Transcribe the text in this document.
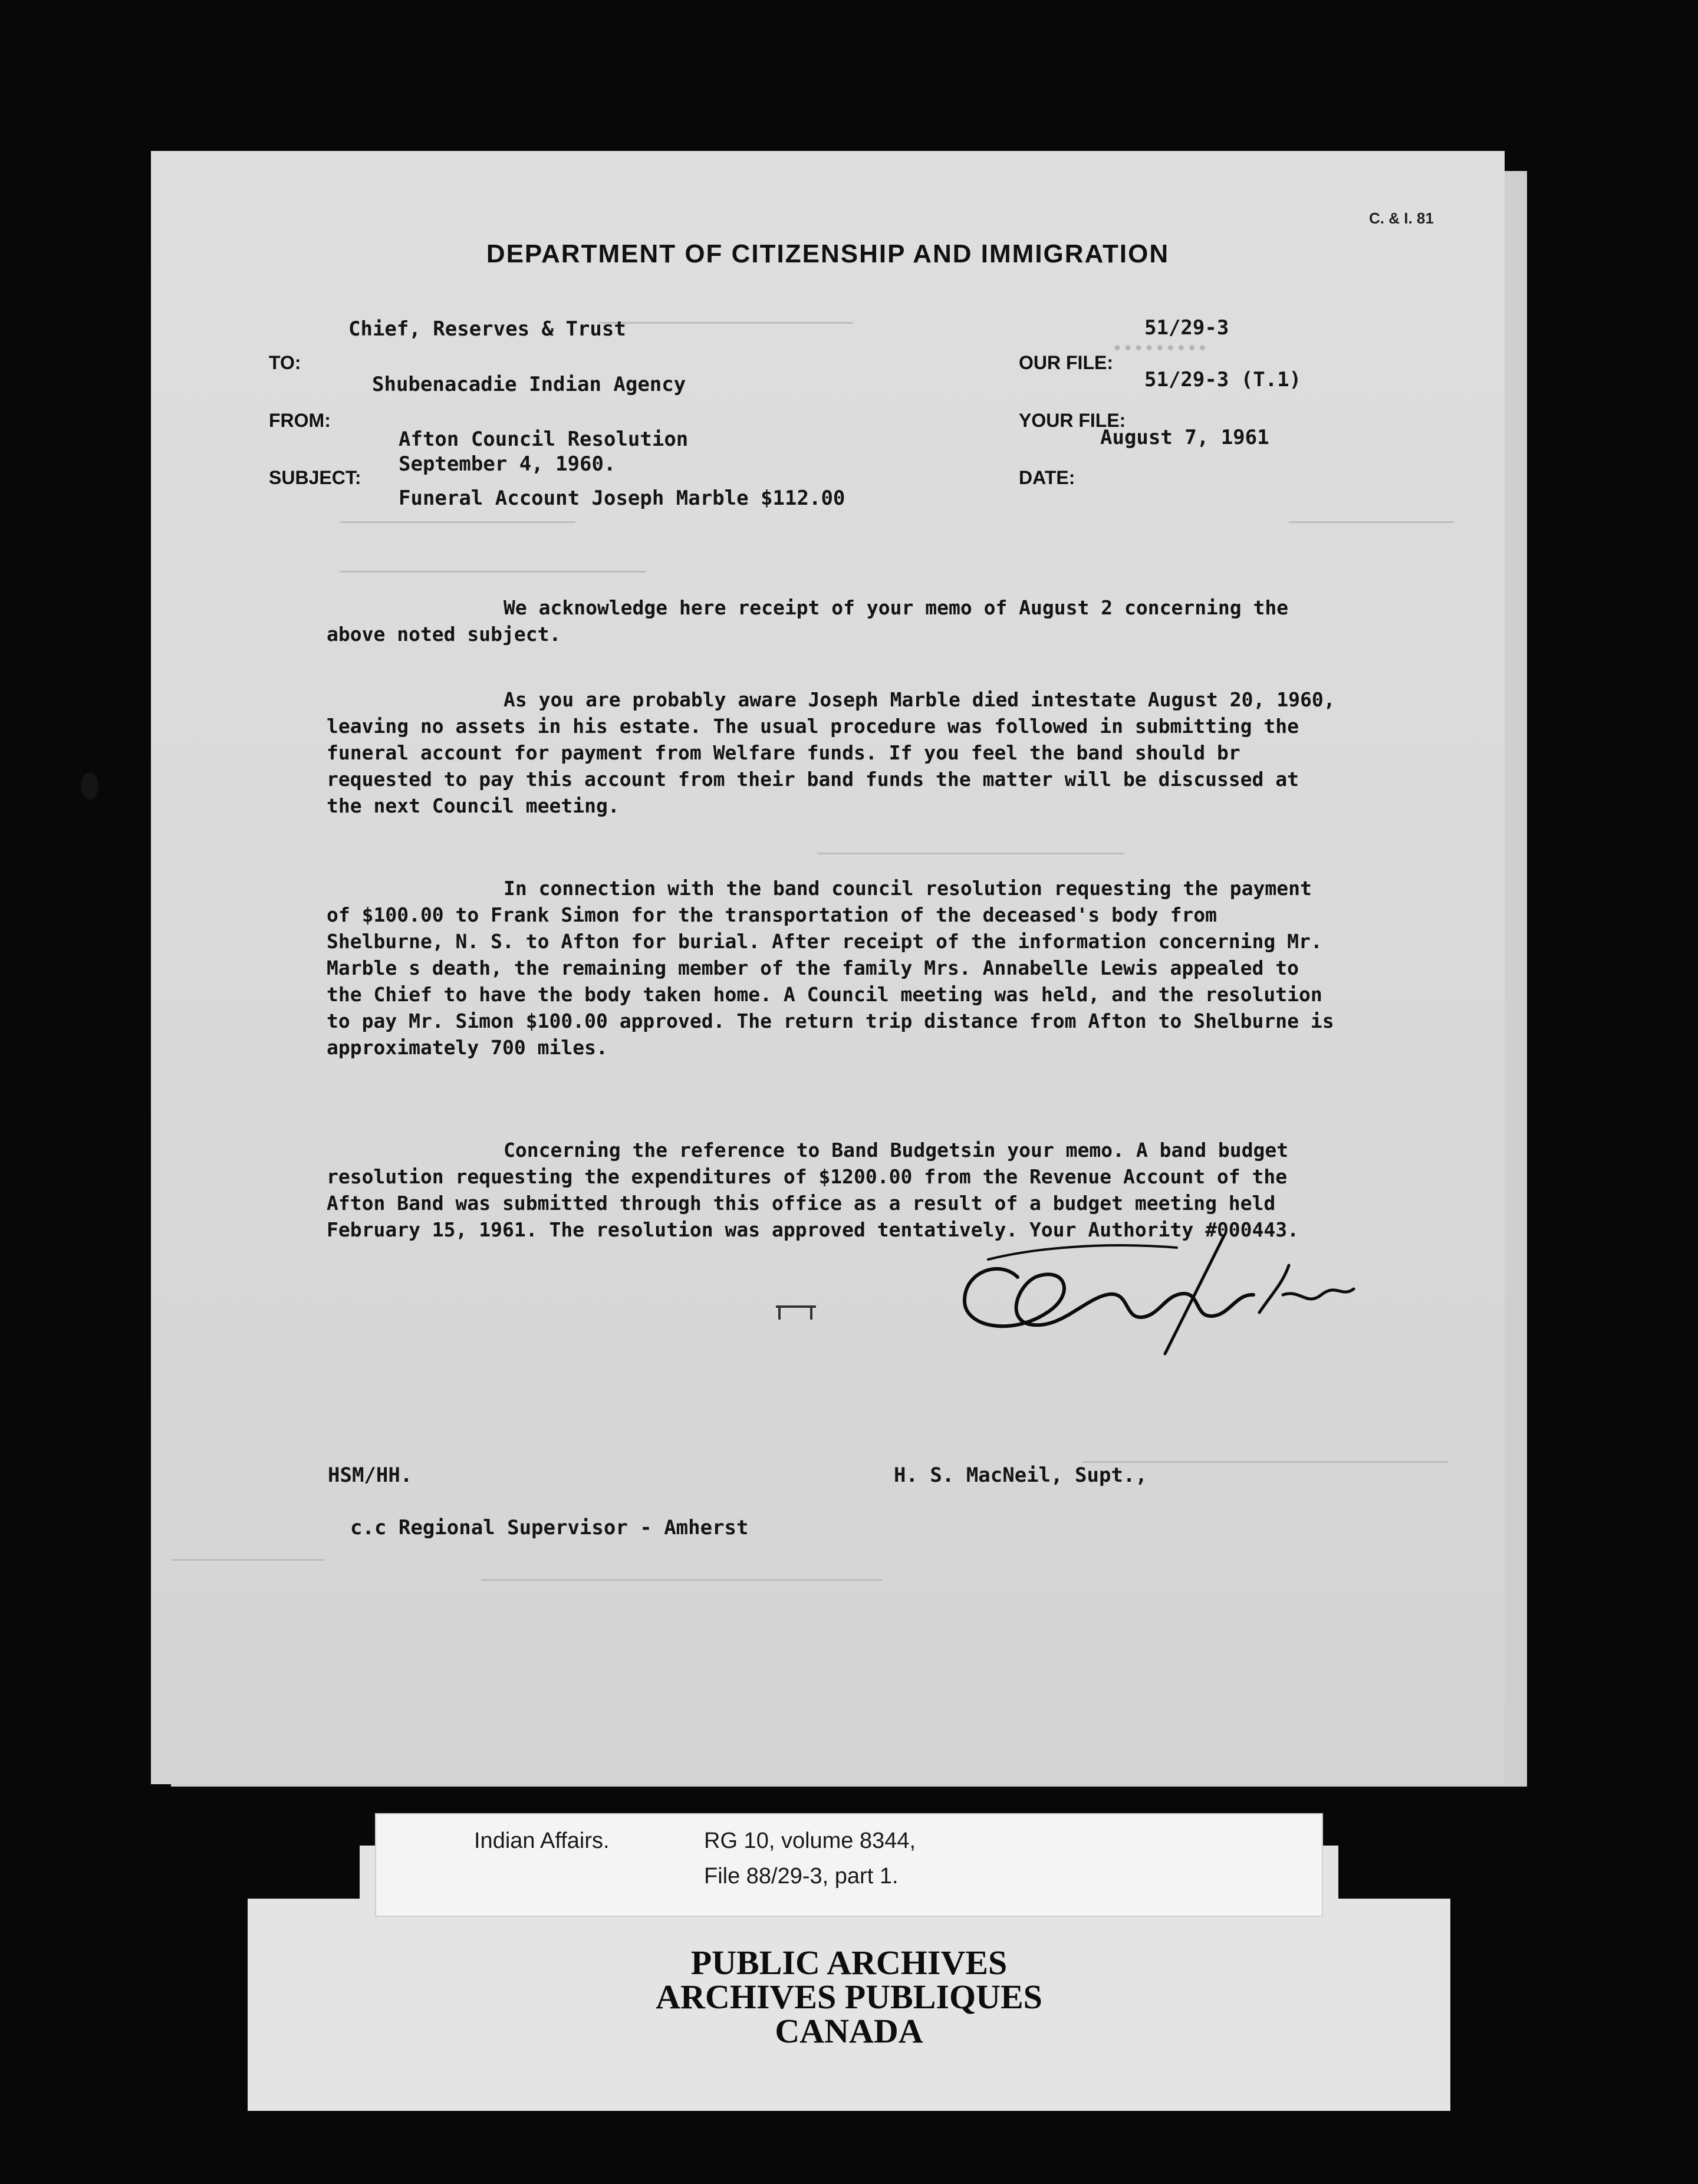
•••••••••
C. & I. 81
DEPARTMENT OF CITIZENSHIP AND IMMIGRATION
TO:
FROM:
SUBJECT:
OUR FILE:
YOUR FILE:
DATE:
Chief, Reserves & Trust
Shubenacadie Indian Agency
Afton Council Resolution
September 4, 1960.
Funeral Account Joseph Marble $112.00
51/29-3
51/29-3 (T.1)
August 7, 1961

We acknowledge here receipt of your memo of August 2 concerning the above noted subject.

As you are probably aware Joseph Marble died intestate August 20, 1960, leaving no assets in his estate. The usual procedure was followed in submitting the funeral account for payment from Welfare funds. If you feel the band should br requested to pay this account from their band funds the matter will be discussed at the next Council meeting.

In connection with the band council resolution requesting the payment of $100.00 to Frank Simon for the transportation of the deceased's body from Shelburne, N. S. to Afton for burial. After receipt of the information concerning Mr. Marble s death, the remaining member of the family Mrs. Annabelle Lewis appealed to the Chief to have the body taken home. A Council meeting was held, and the resolution to pay Mr. Simon $100.00 approved. The return trip distance from Afton to Shelburne is approximately 700 miles.

Concerning the reference to Band Budgetsin your memo. A band budget resolution requesting the expenditures of $1200.00 from the Revenue Account of the Afton Band was submitted through this office as a result of a budget meeting held February 15, 1961. The resolution was approved tentatively. Your Authority #000443.

HSM/HH.	H. S. MacNeil, Supt.,
c.c Regional Supervisor - Amherst
Indian Affairs.	RG 10, volume 8344,
File 88/29-3, part 1.
PUBLIC ARCHIVES
ARCHIVES PUBLIQUES
CANADA
